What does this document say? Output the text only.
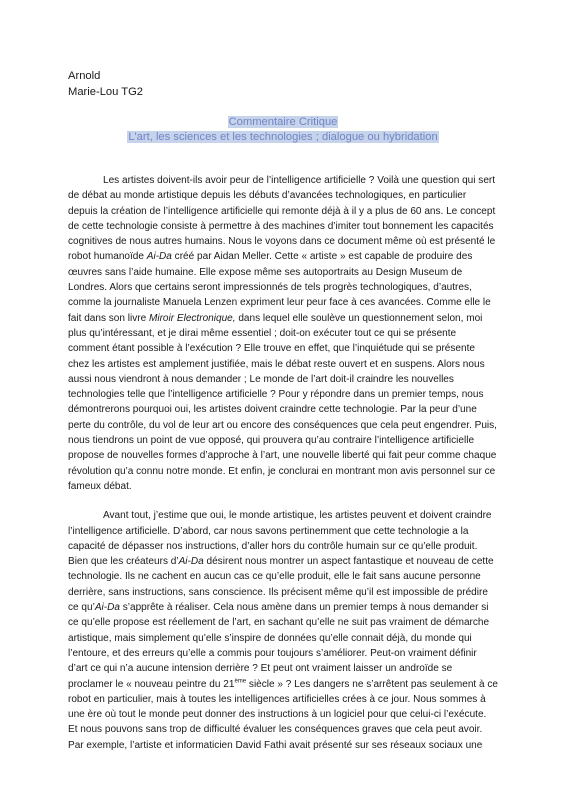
Arnold

Marie-Lou TG2

Commentaire Critique
L'art, les sciences et les technologies ; dialogue ou hybridation

Les artistes doivent-ils avoir peur de l’intelligence artificielle ? Voilà une question qui sert de débat au monde artistique depuis les débuts d’avancées technologiques, en particulier depuis la création de l’intelligence artificielle qui remonte déjà à il y a plus de 60 ans. Le concept de cette technologie consiste à permettre à des machines d’imiter tout bonnement les capacités cognitives de nous autres humains. Nous le voyons dans ce document même où est présenté le robot humanoïde Ai-Da créé par Aidan Meller. Cette « artiste » est capable de produire des œuvres sans l’aide humaine. Elle expose même ses autoportraits au Design Museum de Londres. Alors que certains seront impressionnés de tels progrès technologiques, d’autres, comme la journaliste Manuela Lenzen expriment leur peur face à ces avancées. Comme elle le fait dans son livre Miroir Electronique, dans lequel elle soulève un questionnement selon, moi plus qu’intéressant, et je dirai même essentiel ; doit-on exécuter tout ce qui se présente comment étant possible à l’exécution ? Elle trouve en effet, que l’inquiétude qui se présente chez les artistes est amplement justifiée, mais le débat reste ouvert et en suspens. Alors nous aussi nous viendront à nous demander ; Le monde de l’art doit-il craindre les nouvelles technologies telle que l’intelligence artificielle ? Pour y répondre dans un premier temps, nous démontrerons pourquoi oui, les artistes doivent craindre cette technologie. Par la peur d’une perte du contrôle, du vol de leur art ou encore des conséquences que cela peut engendrer. Puis, nous tiendrons un point de vue opposé, qui prouvera qu’au contraire l’intelligence artificielle propose de nouvelles formes d’approche à l’art, une nouvelle liberté qui fait peur comme chaque révolution qu’a connu notre monde. Et enfin, je conclurai en montrant mon avis personnel sur ce fameux débat.

Avant tout, j’estime que oui, le monde artistique, les artistes peuvent et doivent craindre l’intelligence artificielle. D’abord, car nous savons pertinemment que cette technologie a la capacité de dépasser nos instructions, d’aller hors du contrôle humain sur ce qu’elle produit. Bien que les créateurs d’Ai-Da désirent nous montrer un aspect fantastique et nouveau de cette technologie. Ils ne cachent en aucun cas ce qu’elle produit, elle le fait sans aucune personne derrière, sans instructions, sans conscience. Ils précisent même qu’il est impossible de prédire ce qu’Ai-Da s’apprête à réaliser. Cela nous amène dans un premier temps à nous demander si ce qu’elle propose est réellement de l’art, en sachant qu’elle ne suit pas vraiment de démarche artistique, mais simplement qu’elle s’inspire de données qu’elle connait déjà, du monde qui l’entoure, et des erreurs qu’elle a commis pour toujours s’améliorer. Peut-on vraiment définir d’art ce qui n’a aucune intension derrière ? Et peut ont vraiment laisser un androïde se proclamer le « nouveau peintre du 21ème siècle » ? Les dangers ne s’arrêtent pas seulement à ce robot en particulier, mais à toutes les intelligences artificielles crées à ce jour. Nous sommes à une ère où tout le monde peut donner des instructions à un logiciel pour que celui-ci l’exécute.

Et nous pouvons sans trop de difficulté évaluer les conséquences graves que cela peut avoir. Par exemple, l’artiste et informaticien David Fathi avait présenté sur ses réseaux sociaux une
